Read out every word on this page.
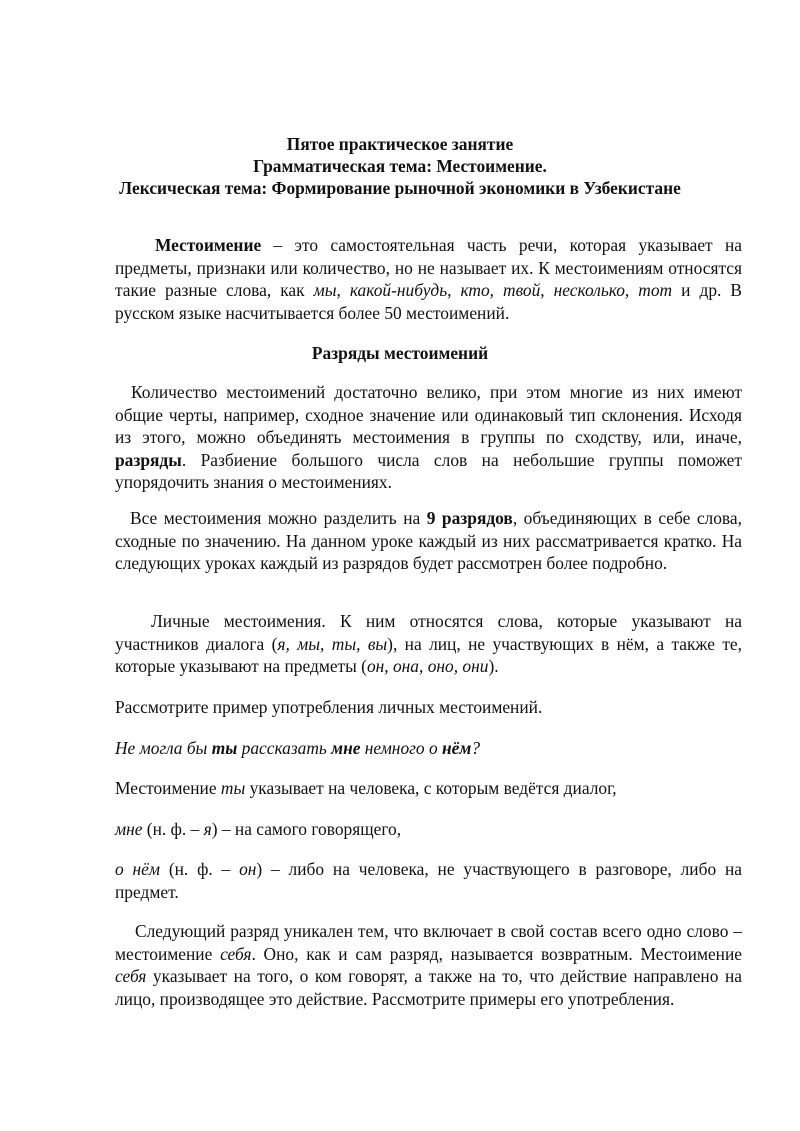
Пятое практическое занятие
Грамматическая тема: Местоимение.
Лексическая тема: Формирование рыночной экономики в Узбекистане

Местоимение – это самостоятельная часть речи, которая указывает на предметы, признаки или количество, но не называет их. К местоимениям относятся такие разные слова, как мы, какой-нибудь, кто, твой, несколько, тот и др. В русском языке насчитывается более 50 местоимений.

Разряды местоимений

Количество местоимений достаточно велико, при этом многие из них имеют общие черты, например, сходное значение или одинаковый тип склонения. Исходя из этого, можно объединять местоимения в группы по сходству, или, иначе, разряды. Разбиение большого числа слов на небольшие группы поможет упорядочить знания о местоимениях.

Все местоимения можно разделить на 9 разрядов, объединяющих в себе слова, сходные по значению. На данном уроке каждый из них рассматривается кратко. На следующих уроках каждый из разрядов будет рассмотрен более подробно.

Личные местоимения. К ним относятся слова, которые указывают на участников диалога (я, мы, ты, вы), на лиц, не участвующих в нём, а также те, которые указывают на предметы (он, она, оно, они).

Рассмотрите пример употребления личных местоимений.

Не могла бы ты рассказать мне немного о нём?

Местоимение ты указывает на человека, с которым ведётся диалог,

мне (н. ф. – я) – на самого говорящего,

о нём (н. ф. – он) – либо на человека, не участвующего в разговоре, либо на предмет.

Следующий разряд уникален тем, что включает в свой состав всего одно слово – местоимение себя. Оно, как и сам разряд, называется возвратным. Местоимение себя указывает на того, о ком говорят, а также на то, что действие направлено на лицо, производящее это действие. Рассмотрите примеры его употребления.
